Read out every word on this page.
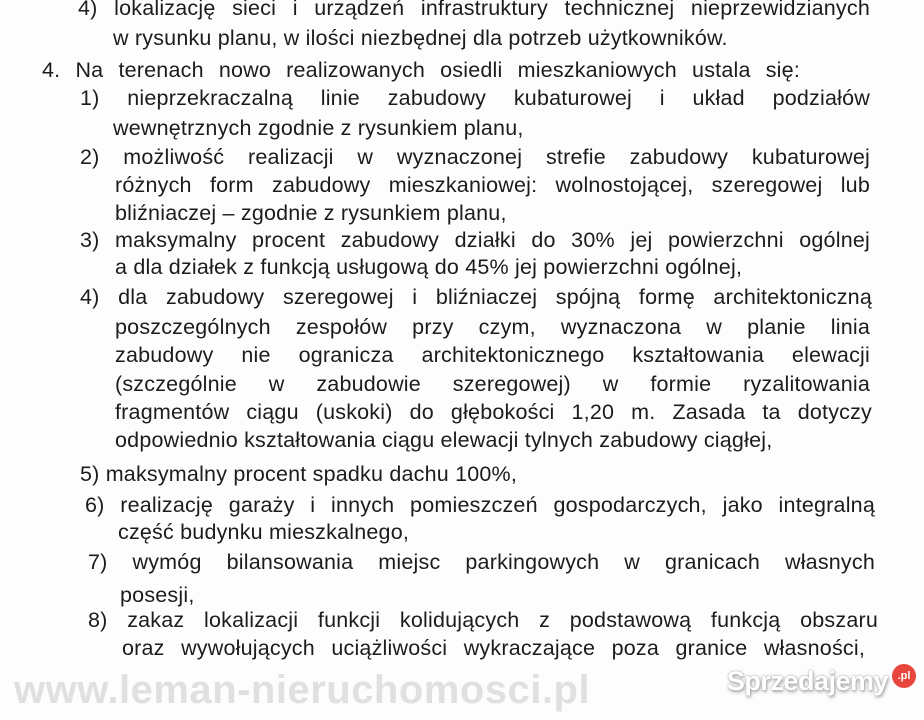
4) lokalizację sieci i urządzeń infrastruktury technicznej nieprzewidzianych
w rysunku planu, w ilości niezbędnej dla potrzeb użytkowników.
4. Na terenach nowo realizowanych osiedli mieszkaniowych ustala się:
1) nieprzekraczalną linie zabudowy kubaturowej i układ podziałów
wewnętrznych zgodnie z rysunkiem planu,
2) możliwość realizacji w wyznaczonej strefie zabudowy kubaturowej
różnych form zabudowy mieszkaniowej: wolnostojącej, szeregowej lub
bliźniaczej – zgodnie z rysunkiem planu,
3) maksymalny procent zabudowy działki do 30% jej powierzchni ogólnej
a dla działek z funkcją usługową do 45% jej powierzchni ogólnej,
4) dla zabudowy szeregowej i bliźniaczej spójną formę architektoniczną
poszczególnych zespołów przy czym, wyznaczona w planie linia
zabudowy nie ogranicza architektonicznego kształtowania elewacji
(szczególnie w zabudowie szeregowej) w formie ryzalitowania
fragmentów ciągu (uskoki) do głębokości 1,20 m. Zasada ta dotyczy
odpowiednio kształtowania ciągu elewacji tylnych zabudowy ciągłej,
5) maksymalny procent spadku dachu 100%,
6) realizację garaży i innych pomieszczeń gospodarczych, jako integralną
część budynku mieszkalnego,
7) wymóg bilansowania miejsc parkingowych w granicach własnych
posesji,
8) zakaz lokalizacji funkcji kolidujących z podstawową funkcją obszaru
oraz wywołujących uciążliwości wykraczające poza granice własności,
www.leman-nieruchomosci.pl	Sprzedajemy .pl
